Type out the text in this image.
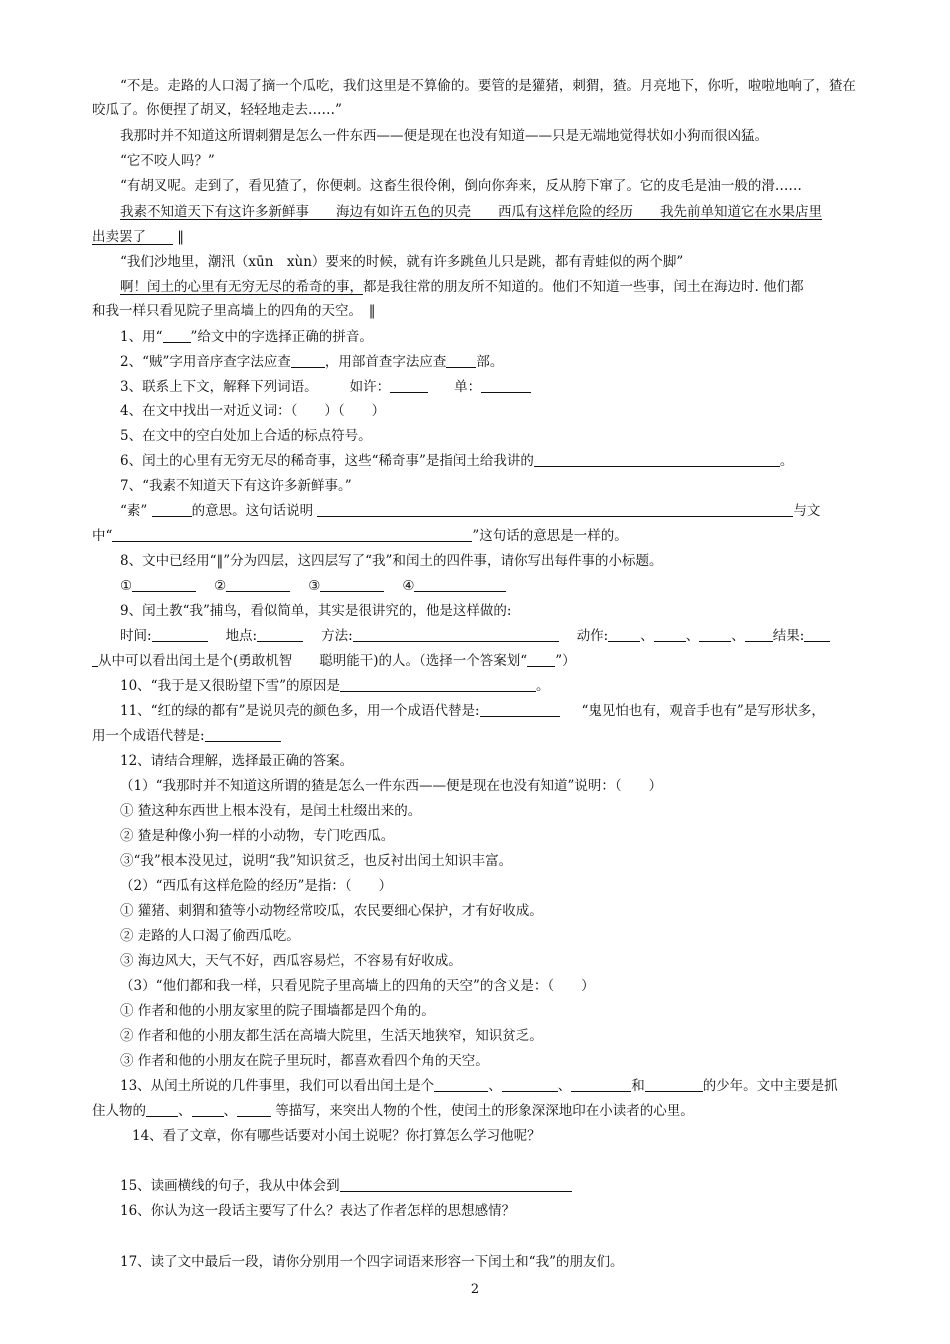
“不是。走路的人口渴了摘一个瓜吃，我们这里是不算偷的。要管的是獾猪，刺猬，猹。月亮地下，你听，啦啦地响了，猹在
咬瓜了。你便捏了胡叉，轻轻地走去……”
我那时并不知道这所谓刺猬是怎么一件东西——便是现在也没有知道——只是无端地觉得状如小狗而很凶猛。
“它不咬人吗？”
“有胡叉呢。走到了，看见猹了，你便刺。这畜生很伶俐，倒向你奔来，反从胯下窜了。它的皮毛是油一般的滑……
我素不知道天下有这许多新鲜事　　海边有如许五色的贝壳　　西瓜有这样危险的经历　　我先前单知道它在水果店里
出卖罢了　　 ‖
“我们沙地里，潮汛（xūn　xùn）要来的时候，就有许多跳鱼儿只是跳，都有青蛙似的两个脚”
啊！闰土的心里有无穷无尽的希奇的事，都是我往常的朋友所不知道的。他们不知道一些事，闰土在海边时. 他们都
和我一样只看见院子里高墙上的四角的天空。　‖
1、用“ ”给文中的字选择正确的拼音。
2、“贼”字用音序查字法应查	，用部首查字法应查 部。
3、联系上下文，解释下列词语。 如许：	单：
4、在文中找出一对近义词：（　　）（　　）
5、在文中的空白处加上合适的标点符号。
6、闰土的心里有无穷无尽的稀奇事，这些“稀奇事”是指闰土给我讲的	。
7、“我素不知道天下有这许多新鲜事。”
“素”	的意思。这句话说明	与文
中“	”这句话的意思是一样的。
8、文中已经用“‖”分为四层，这四层写了“我”和闰土的四件事，请你写出每件事的小标题。
①	②	③	④
9、闰土教“我”捕鸟，看似简单，其实是很讲究的，他是这样做的:
时间:	地点:	方法:	动作: 、 、 、 结果:
从中可以看出闰土是个(勇敢机智　　聪明能干)的人。（选择一个答案划“ ”）
10、“我于是又很盼望下雪”的原因是	。
11、“红的绿的都有”是说贝壳的颜色多，用一个成语代替是:	“鬼见怕也有，观音手也有”是写形状多，
用一个成语代替是:
12、请结合理解，选择最正确的答案。
（1）“我那时并不知道这所谓的猹是怎么一件东西——便是现在也没有知道”说明：（　　）
① 猹这种东西世上根本没有，是闰土杜缀出来的。
② 猹是种像小狗一样的小动物，专门吃西瓜。
③“我”根本没见过，说明“我”知识贫乏，也反衬出闰土知识丰富。
（2）“西瓜有这样危险的经历”是指：（　　）
① 獾猪、刺猬和猹等小动物经常咬瓜，农民要细心保护，才有好收成。
② 走路的人口渴了偷西瓜吃。
③ 海边风大，天气不好，西瓜容易烂，不容易有好收成。
（3）“他们都和我一样，只看见院子里高墙上的四角的天空”的含义是：（　　）
① 作者和他的小朋友家里的院子围墙都是四个角的。
② 作者和他的小朋友都生活在高墙大院里，生活天地狭窄，知识贫乏。
③ 作者和他的小朋友在院子里玩时，都喜欢看四个角的天空。
13、从闰土所说的几件事里，我们可以看出闰土是个	、	、	和	的少年。文中主要是抓
住人物的 、 、	等描写，来突出人物的个性，使闰土的形象深深地印在小读者的心里。
14、看了文章，你有哪些话要对小闰土说呢？你打算怎么学习他呢？
15、读画横线的句子，我从中体会到
16、你认为这一段话主要写了什么？表达了作者怎样的思想感情？
17、读了文中最后一段，请你分别用一个四字词语来形容一下闰土和“我”的朋友们。
2
